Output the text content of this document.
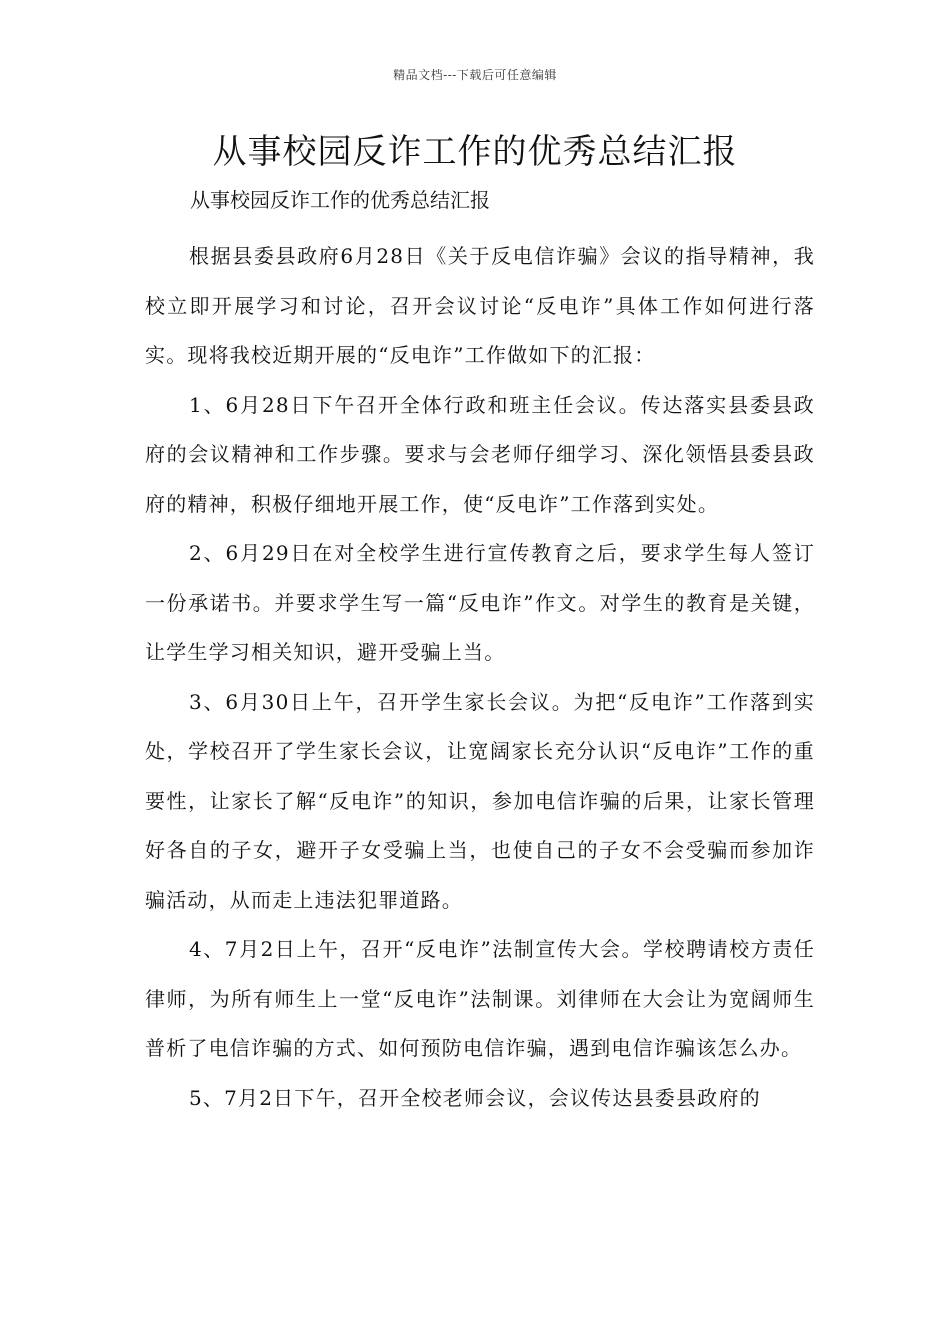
精品文档---下载后可任意编辑
从事校园反诈工作的优秀总结汇报
从事校园反诈工作的优秀总结汇报

根据县委县政府6月28日《关于反电信诈骗》会议的指导精神，我校立即开展学习和讨论，召开会议讨论“反电诈”具体工作如何进行落实。现将我校近期开展的“反电诈”工作做如下的汇报：

1、6月28日下午召开全体行政和班主任会议。传达落实县委县政府的会议精神和工作步骤。要求与会老师仔细学习、深化领悟县委县政府的精神，积极仔细地开展工作，使“反电诈”工作落到实处。

2、6月29日在对全校学生进行宣传教育之后，要求学生每人签订一份承诺书。并要求学生写一篇“反电诈”作文。对学生的教育是关键，让学生学习相关知识，避开受骗上当。

3、6月30日上午，召开学生家长会议。为把“反电诈”工作落到实处，学校召开了学生家长会议，让宽阔家长充分认识“反电诈”工作的重要性，让家长了解“反电诈”的知识，参加电信诈骗的后果，让家长管理好各自的子女，避开子女受骗上当，也使自己的子女不会受骗而参加诈骗活动，从而走上违法犯罪道路。

4、7月2日上午，召开“反电诈”法制宣传大会。学校聘请校方责任律师，为所有师生上一堂“反电诈”法制课。刘律师在大会让为宽阔师生普析了电信诈骗的方式、如何预防电信诈骗，遇到电信诈骗该怎么办。

5、7月2日下午，召开全校老师会议，会议传达县委县政府的
